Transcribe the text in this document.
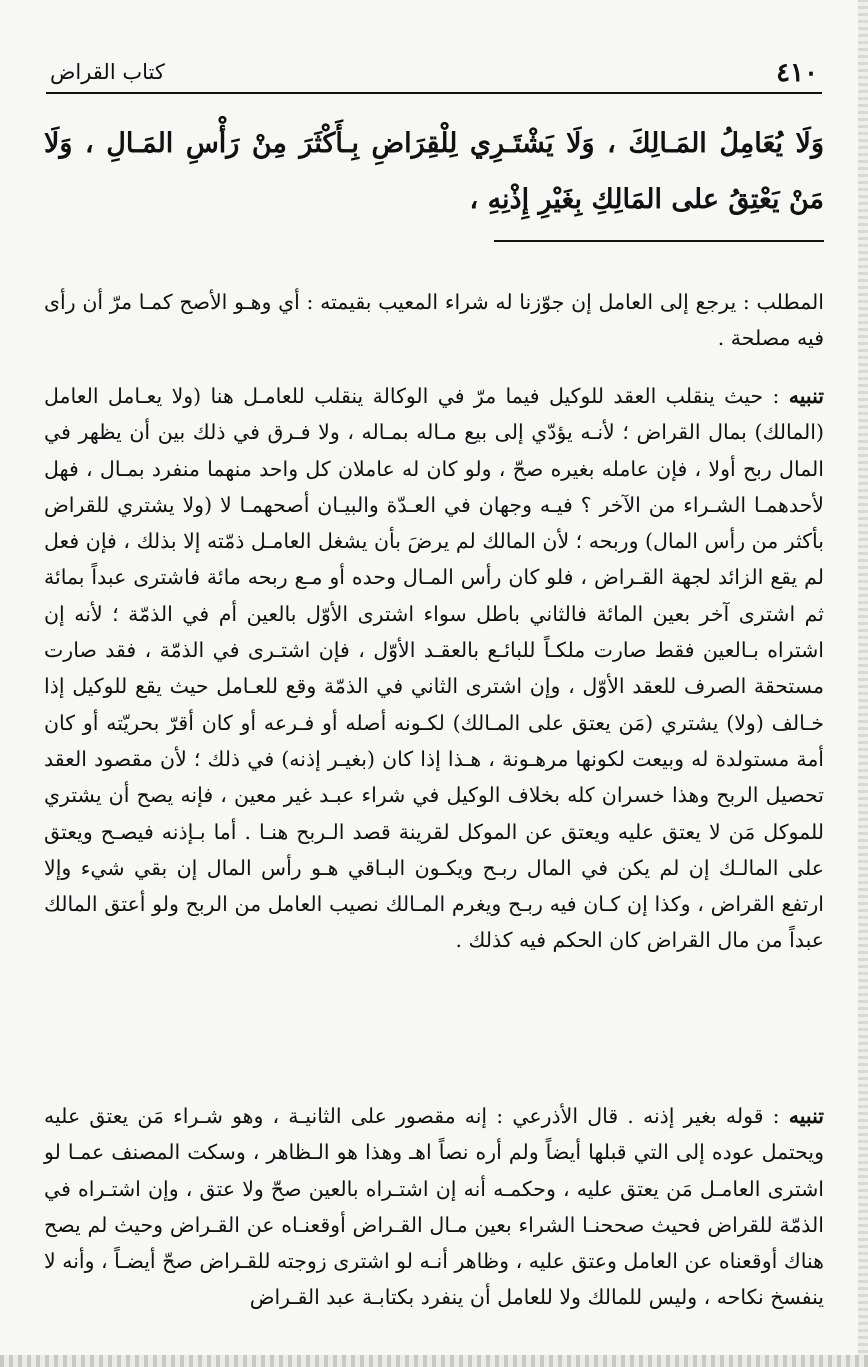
٤١٠
كتاب القراض
وَلَا يُعَامِلُ المَـالِكَ ، وَلَا يَشْتَـرِي لِلْقِرَاضِ بِـأَكْثَرَ مِنْ رَأْسِ المَـالِ ، وَلَا مَنْ يَعْتِقُ على المَالِكِ بِغَيْرِ إِذْنِهِ ،

المطلب : يرجع إلى العامل إن جوّزنا له شراء المعيب بقيمته : أي وهـو الأصح كمـا مرّ أن رأى فيه مصلحة .

تنبيه : حيث ينقلب العقد للوكيل فيما مرّ في الوكالة ينقلب للعامـل هنا (ولا يعـامل العامل (المالك) بمال القراض ؛ لأنـه يؤدّي إلى بيع مـاله بمـاله ، ولا فـرق في ذلك بين أن يظهر في المال ربح أولا ، فإن عامله بغيره صحّ ، ولو كان له عاملان كل واحد منهما منفرد بمـال ، فهل لأحدهمـا الشـراء من الآخر ؟ فيـه وجهان في العـدّة والبيـان أصحهمـا لا (ولا يشتري للقراض بأكثر من رأس المال) وربحه ؛ لأن المالك لم يرضَ بأن يشغل العامـل ذمّته إلا بذلك ، فإن فعل لم يقع الزائد لجهة القـراض ، فلو كان رأس المـال وحده أو مـع ربحه مائة فاشترى عبداً بمائة ثم اشترى آخر بعين المائة فالثاني باطل سواء اشترى الأوّل بالعين أم في الذمّة ؛ لأنه إن اشتراه بـالعين فقط صارت ملكـاً للبائـع بالعقـد الأوّل ، فإن اشتـرى في الذمّة ، فقد صارت مستحقة الصرف للعقد الأوّل ، وإن اشترى الثاني في الذمّة وقع للعـامل حيث يقع للوكيل إذا خـالف (ولا) يشتري (مَن يعتق على المـالك) لكـونه أصله أو فـرعه أو كان أقرّ بحريّته أو كان أمة مستولدة له وبيعت لكونها مرهـونة ، هـذا إذا كان (بغيـر إذنه) في ذلك ؛ لأن مقصود العقد تحصيل الربح وهذا خسران كله بخلاف الوكيل في شراء عبـد غير معين ، فإنه يصح أن يشتري للموكل مَن لا يعتق عليه ويعتق عن الموكل لقرينة قصد الـربح هنـا . أما بـإذنه فيصـح ويعتق على المالـك إن لم يكن في المال ربـح ويكـون البـاقي هـو رأس المال إن بقي شيء وإلا ارتفع القراض ، وكذا إن كـان فيه ربـح ويغرم المـالك نصيب العامل من الربح ولو أعتق المالك عبداً من مال القراض كان الحكم فيه كذلك .

تنبيه : قوله بغير إذنه . قال الأذرعي : إنه مقصور على الثانيـة ، وهو شـراء مَن يعتق عليه ويحتمل عوده إلى التي قبلها أيضاً ولم أره نصاً اهـ وهذا هو الـظاهر ، وسكت المصنف عمـا لو اشترى العامـل مَن يعتق عليه ، وحكمـه أنه إن اشتـراه بالعين صحّ ولا عتق ، وإن اشتـراه في الذمّة للقراض فحيث صححنـا الشراء بعين مـال القـراض أوقعنـاه عن القـراض وحيث لم يصح هناك أوقعناه عن العامل وعتق عليه ، وظاهر أنـه لو اشترى زوجته للقـراض صحّ أيضـاً ، وأنه لا ينفسخ نكاحه ، وليس للمالك ولا للعامل أن ينفرد بكتابـة عبد القـراض
